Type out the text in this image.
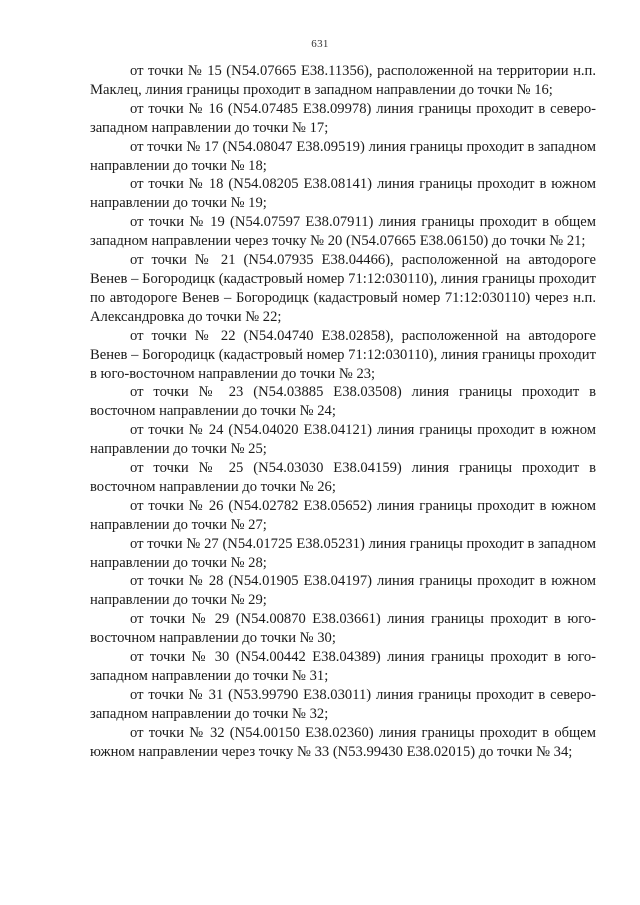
631

от точки № 15 (N54.07665 E38.11356), расположенной на территории н.п. Маклец, линия границы проходит в западном направлении до точки № 16;

от точки № 16 (N54.07485 E38.09978) линия границы проходит в северо-западном направлении до точки № 17;

от точки № 17 (N54.08047 E38.09519) линия границы проходит в западном направлении до точки № 18;

от точки № 18 (N54.08205 E38.08141) линия границы проходит в южном направлении до точки № 19;

от точки № 19 (N54.07597 E38.07911) линия границы проходит в общем западном направлении через точку № 20 (N54.07665 E38.06150) до точки № 21;

от точки № 21 (N54.07935 E38.04466), расположенной на автодороге Венев – Богородицк (кадастровый номер 71:12:030110), линия границы проходит по автодороге Венев – Богородицк (кадастровый номер 71:12:030110) через н.п. Александровка до точки № 22;

от точки № 22 (N54.04740 E38.02858), расположенной на автодороге Венев – Богородицк (кадастровый номер 71:12:030110), линия границы проходит в юго-восточном направлении до точки № 23;

от точки № 23 (N54.03885 E38.03508) линия границы проходит в восточном направлении до точки № 24;

от точки № 24 (N54.04020 E38.04121) линия границы проходит в южном направлении до точки № 25;

от точки № 25 (N54.03030 E38.04159) линия границы проходит в восточном направлении до точки № 26;

от точки № 26 (N54.02782 E38.05652) линия границы проходит в южном направлении до точки № 27;

от точки № 27 (N54.01725 E38.05231) линия границы проходит в западном направлении до точки № 28;

от точки № 28 (N54.01905 E38.04197) линия границы проходит в южном направлении до точки № 29;

от точки № 29 (N54.00870 E38.03661) линия границы проходит в юго-восточном направлении до точки № 30;

от точки № 30 (N54.00442 E38.04389) линия границы проходит в юго-западном направлении до точки № 31;

от точки № 31 (N53.99790 E38.03011) линия границы проходит в северо-западном направлении до точки № 32;

от точки № 32 (N54.00150 E38.02360) линия границы проходит в общем южном направлении через точку № 33 (N53.99430 E38.02015) до точки № 34;
